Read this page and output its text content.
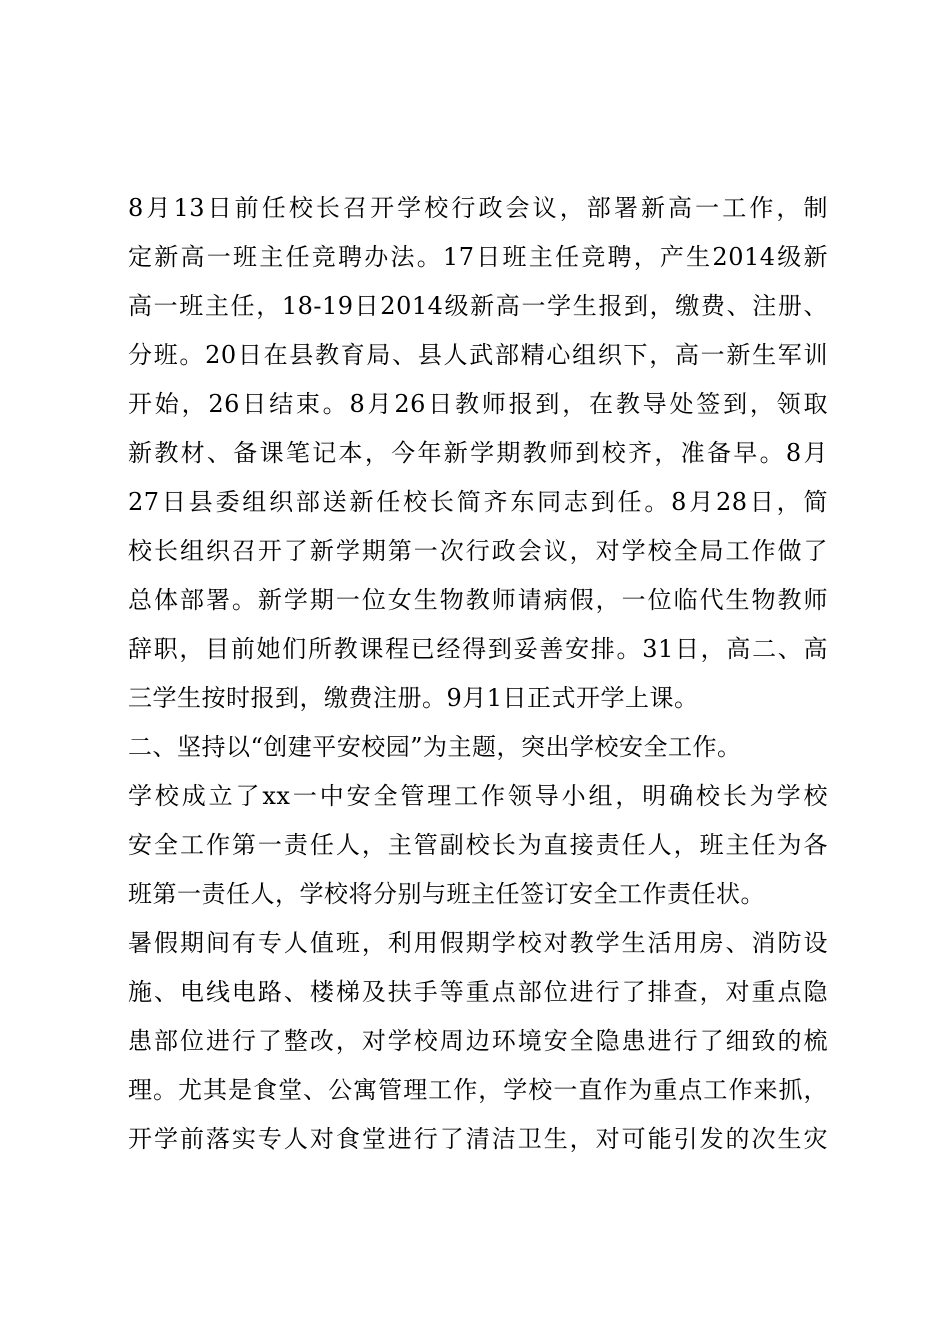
8月13日前任校长召开学校行政会议，部署新高一工作，制
定新高一班主任竞聘办法。17日班主任竞聘，产生2014级新
高一班主任，18-19日2014级新高一学生报到，缴费、注册、
分班。20日在县教育局、县人武部精心组织下，高一新生军训
开始，26日结束。8月26日教师报到，在教导处签到，领取
新教材、备课笔记本，今年新学期教师到校齐，准备早。8月
27日县委组织部送新任校长简齐东同志到任。8月28日，简
校长组织召开了新学期第一次行政会议，对学校全局工作做了
总体部署。新学期一位女生物教师请病假，一位临代生物教师
辞职，目前她们所教课程已经得到妥善安排。31日，高二、高
三学生按时报到，缴费注册。9月1日正式开学上课。
二、坚持以“创建平安校园”为主题，突出学校安全工作。
学校成立了xx一中安全管理工作领导小组，明确校长为学校
安全工作第一责任人，主管副校长为直接责任人，班主任为各
班第一责任人，学校将分别与班主任签订安全工作责任状。
暑假期间有专人值班，利用假期学校对教学生活用房、消防设
施、电线电路、楼梯及扶手等重点部位进行了排查，对重点隐
患部位进行了整改，对学校周边环境安全隐患进行了细致的梳
理。尤其是食堂、公寓管理工作，学校一直作为重点工作来抓，
开学前落实专人对食堂进行了清洁卫生，对可能引发的次生灾
